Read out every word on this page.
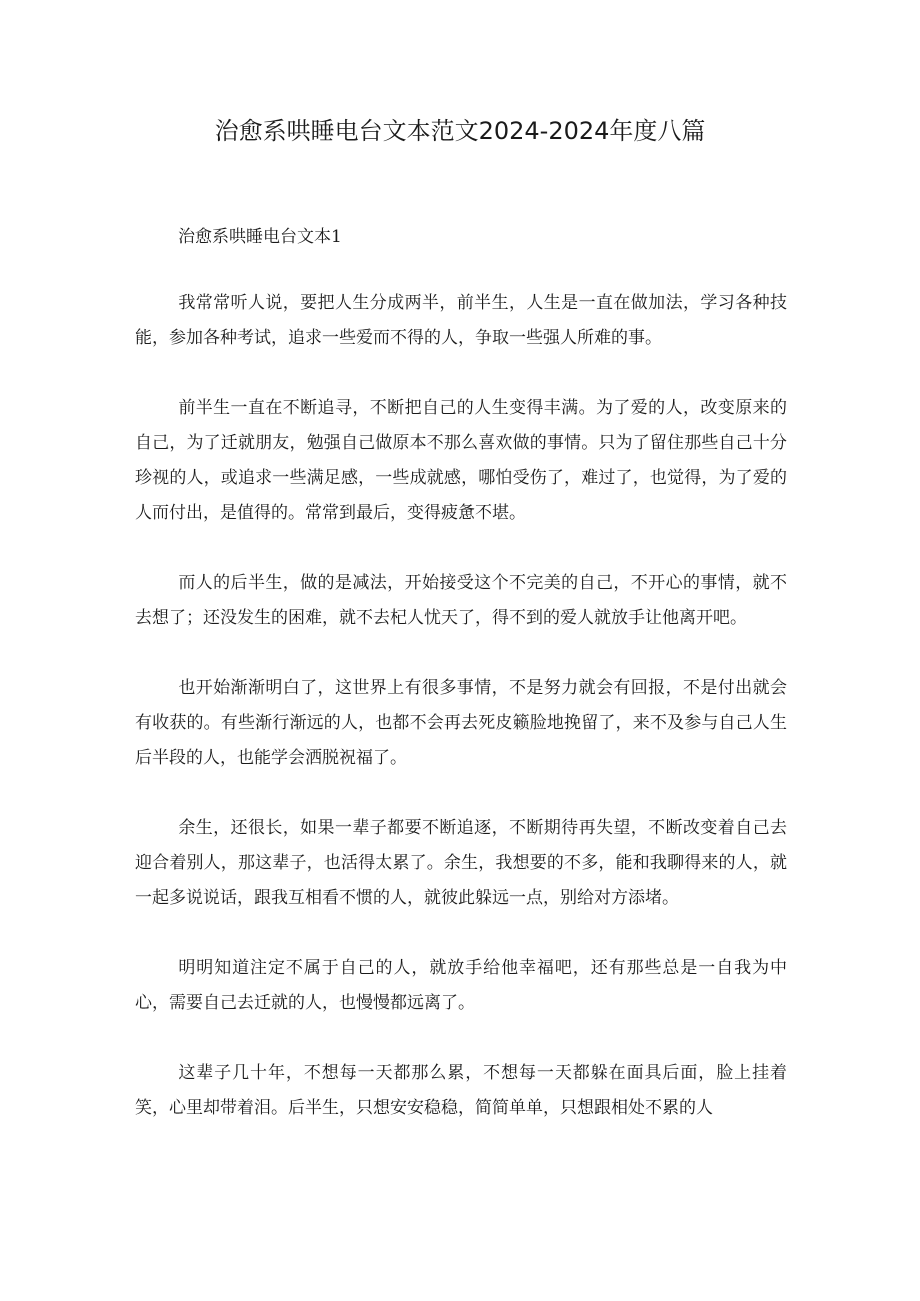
治愈系哄睡电台文本范文2024-2024年度八篇
治愈系哄睡电台文本1

我常常听人说，要把人生分成两半，前半生，人生是一直在做加法，学习各种技能，参加各种考试，追求一些爱而不得的人，争取一些强人所难的事。

前半生一直在不断追寻，不断把自己的人生变得丰满。为了爱的人，改变原来的自己，为了迁就朋友，勉强自己做原本不那么喜欢做的事情。只为了留住那些自己十分珍视的人，或追求一些满足感，一些成就感，哪怕受伤了，难过了，也觉得，为了爱的人而付出，是值得的。常常到最后，变得疲惫不堪。

而人的后半生，做的是减法，开始接受这个不完美的自己，不开心的事情，就不去想了；还没发生的困难，就不去杞人忧天了，得不到的爱人就放手让他离开吧。

也开始渐渐明白了，这世界上有很多事情，不是努力就会有回报，不是付出就会有收获的。有些渐行渐远的人，也都不会再去死皮籁脸地挽留了，来不及参与自己人生后半段的人，也能学会洒脱祝福了。

余生，还很长，如果一辈子都要不断追逐，不断期待再失望，不断改变着自己去迎合着别人，那这辈子，也活得太累了。余生，我想要的不多，能和我聊得来的人，就一起多说说话，跟我互相看不惯的人，就彼此躲远一点，别给对方添堵。

明明知道注定不属于自己的人，就放手给他幸福吧，还有那些总是一自我为中心，需要自己去迁就的人，也慢慢都远离了。

这辈子几十年，不想每一天都那么累，不想每一天都躲在面具后面，脸上挂着笑，心里却带着泪。后半生，只想安安稳稳，简简单单，只想跟相处不累的人
